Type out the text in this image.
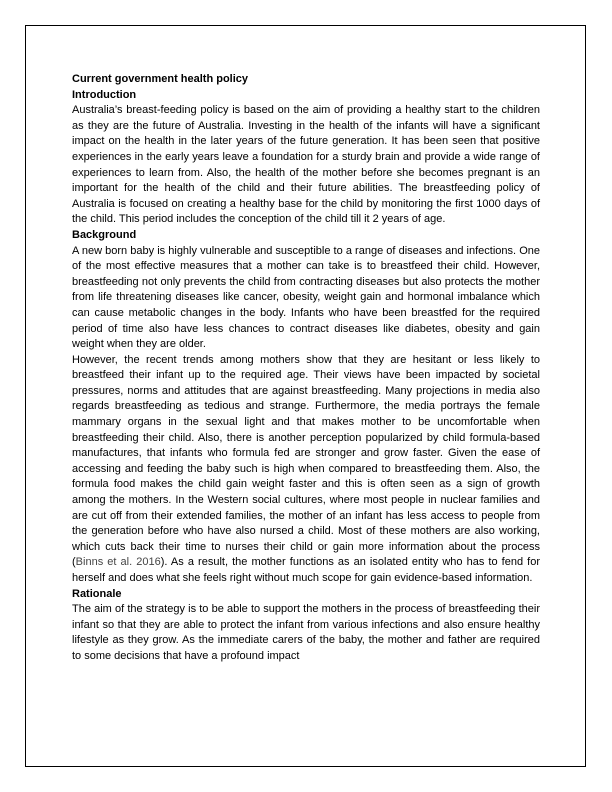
Current government health policy

Introduction

Australia’s breast-feeding policy is based on the aim of providing a healthy start to the children as they are the future of Australia. Investing in the health of the infants will have a significant impact on the health in the later years of the future generation. It has been seen that positive experiences in the early years leave a foundation for a sturdy brain and provide a wide range of experiences to learn from. Also, the health of the mother before she becomes pregnant is an important for the health of the child and their future abilities. The breastfeeding policy of Australia is focused on creating a healthy base for the child by monitoring the first 1000 days of the child. This period includes the conception of the child till it 2 years of age.

Background

A new born baby is highly vulnerable and susceptible to a range of diseases and infections. One of the most effective measures that a mother can take is to breastfeed their child. However, breastfeeding not only prevents the child from contracting diseases but also protects the mother from life threatening diseases like cancer, obesity, weight gain and hormonal imbalance which can cause metabolic changes in the body. Infants who have been breastfed for the required period of time also have less chances to contract diseases like diabetes, obesity and gain weight when they are older.

However, the recent trends among mothers show that they are hesitant or less likely to breastfeed their infant up to the required age. Their views have been impacted by societal pressures, norms and attitudes that are against breastfeeding. Many projections in media also regards breastfeeding as tedious and strange. Furthermore, the media portrays the female mammary organs in the sexual light and that makes mother to be uncomfortable when breastfeeding their child. Also, there is another perception popularized by child formula-based manufactures, that infants who formula fed are stronger and grow faster. Given the ease of accessing and feeding the baby such is high when compared to breastfeeding them. Also, the formula food makes the child gain weight faster and this is often seen as a sign of growth among the mothers. In the Western social cultures, where most people in nuclear families and are cut off from their extended families, the mother of an infant has less access to people from the generation before who have also nursed a child. Most of these mothers are also working, which cuts back their time to nurses their child or gain more information about the process (Binns et al. 2016). As a result, the mother functions as an isolated entity who has to fend for herself and does what she feels right without much scope for gain evidence-based information.

Rationale

The aim of the strategy is to be able to support the mothers in the process of breastfeeding their infant so that they are able to protect the infant from various infections and also ensure healthy lifestyle as they grow. As the immediate carers of the baby, the mother and father are required to some decisions that have a profound impact
